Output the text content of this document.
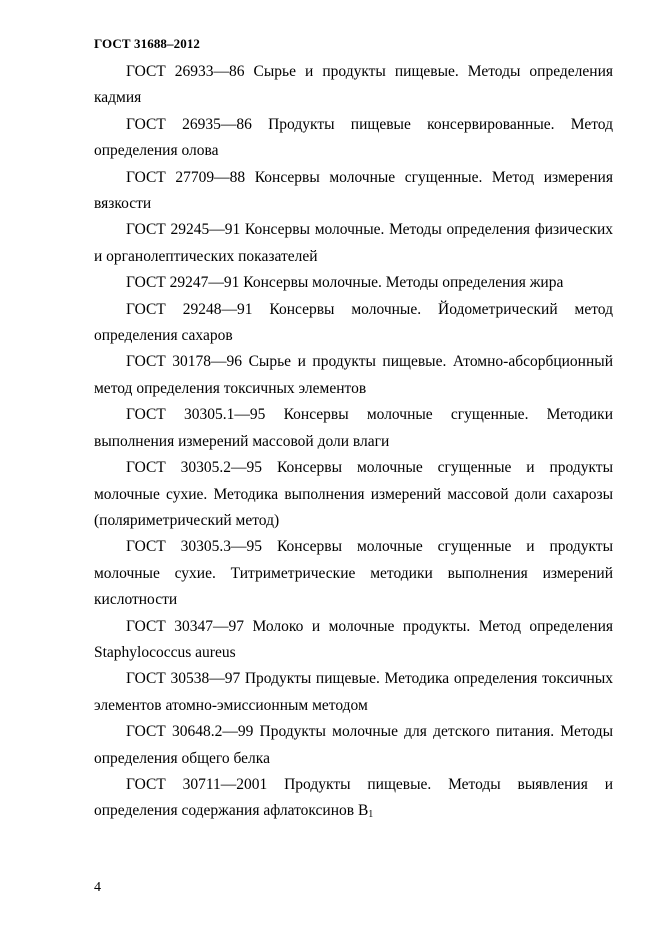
ГОСТ 31688–2012

ГОСТ 26933—86 Сырье и продукты пищевые. Методы определения кадмия

ГОСТ 26935—86 Продукты пищевые консервированные. Метод определения олова

ГОСТ 27709—88 Консервы молочные сгущенные. Метод измерения вязкости

ГОСТ 29245—91 Консервы молочные. Методы определения физических и органолептических показателей

ГОСТ 29247—91 Консервы молочные. Методы определения жира

ГОСТ 29248—91 Консервы молочные. Йодометрический метод определения сахаров

ГОСТ 30178—96 Сырье и продукты пищевые. Атомно-абсорбционный метод определения токсичных элементов

ГОСТ 30305.1—95 Консервы молочные сгущенные. Методики выполнения измерений массовой доли влаги

ГОСТ 30305.2—95 Консервы молочные сгущенные и продукты молочные сухие. Методика выполнения измерений массовой доли сахарозы (поляриметрический метод)

ГОСТ 30305.3—95 Консервы молочные сгущенные и продукты молочные сухие. Титриметрические методики выполнения измерений кислотности

ГОСТ 30347—97 Молоко и молочные продукты. Метод определения Staphylococcus aureus

ГОСТ 30538—97 Продукты пищевые. Методика определения токсичных элементов атомно-эмиссионным методом

ГОСТ 30648.2—99 Продукты молочные для детского питания. Методы определения общего белка

ГОСТ 30711—2001 Продукты пищевые. Методы выявления и определения содержания афлатоксинов $B_1$

4
